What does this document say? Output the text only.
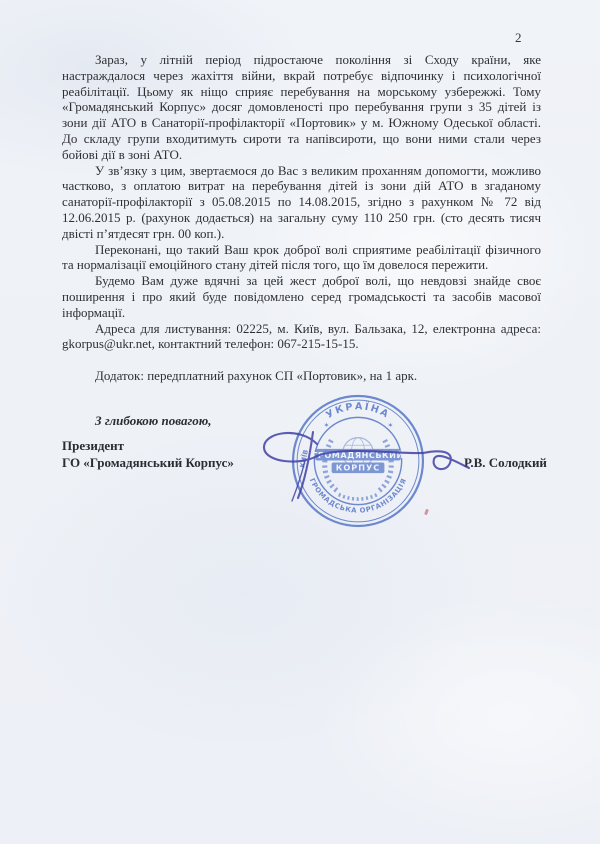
2

Зараз, у літній період підростаюче покоління зі Сходу країни, яке настраждалося через жахіття війни, вкрай потребує відпочинку і психологічної реабілітації. Цьому як ніщо сприяє перебування на морському узбережжі. Тому «Громадянський Корпус» досяг домовленості про перебування групи з 35 дітей із зони дії АТО в Санаторії-профілакторії «Портовик» у м. Южному Одеської області. До складу групи входитимуть сироти та напівсироти, що вони ними стали через бойові дії в зоні АТО.

У зв’язку з цим, звертаємося до Вас з великим проханням допомогти, можливо частково, з оплатою витрат на перебування дітей із зони дій АТО в згаданому санаторії-профілакторії з 05.08.2015 по 14.08.2015, згідно з рахунком № 72 від 12.06.2015 р. (рахунок додається) на загальну суму 110 250 грн. (сто десять тисяч двісті п’ятдесят грн. 00 коп.).

Переконані, що такий Ваш крок доброї волі сприятиме реабілітації фізичного та нормалізації емоційного стану дітей після того, що їм довелося пережити.

Будемо Вам дуже вдячні за цей жест доброї волі, що невдовзі знайде своє поширення і про який буде повідомлено серед громадськості та засобів масової інформації.

Адреса для листування: 02225, м. Київ, вул. Бальзака, 12, електронна адреса: gkorpus@ukr.net, контактний телефон: 067-215-15-15.

Додаток: передплатний рахунок СП «Портовик», на 1 арк.

З глибокою повагою,

Президент
ГО «Громадянський Корпус»	Р.В. Солодкий
УКРАЇНА
ГРОМАДСЬКА ОРГАНІЗАЦІЯ
КИЇВ
✶	✶
ГРОМАДЯНСЬКИЙ
КОРПУС
